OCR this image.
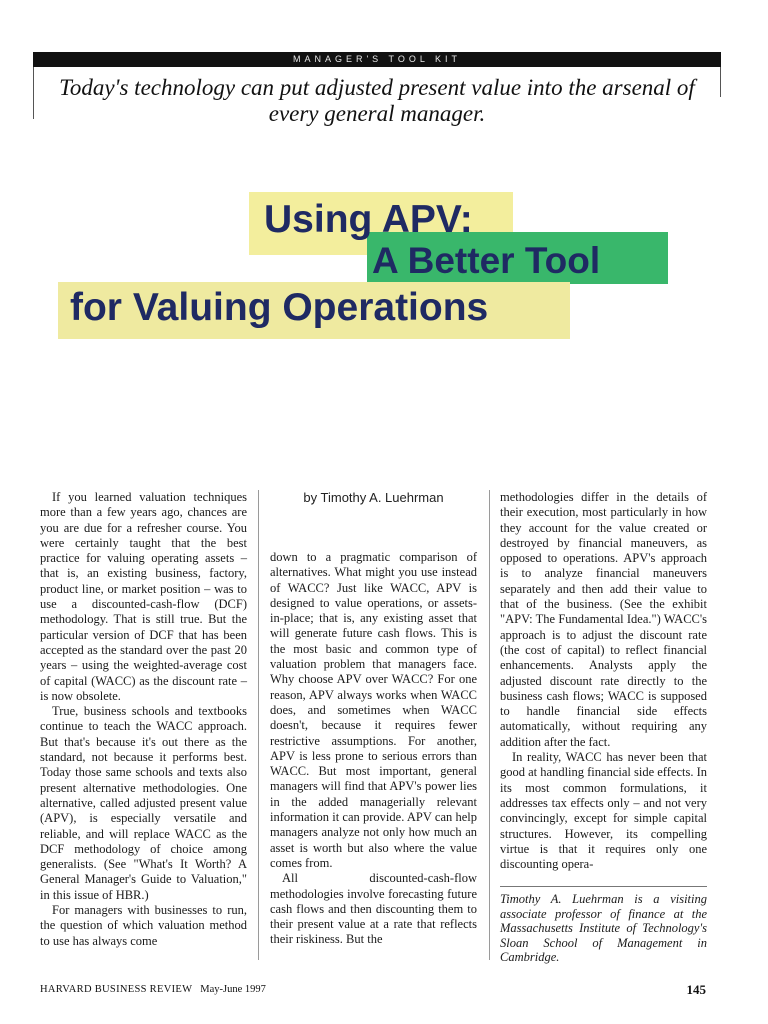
MANAGER'S TOOL KIT
Today's technology can put adjusted present value into the arsenal of every general manager.
Using APV:
A Better Tool
for Valuing Operations

If you learned valuation techniques more than a few years ago, chances are you are due for a refresher course. You were certainly taught that the best practice for valuing operating assets – that is, an existing business, factory, product line, or market position – was to use a discounted-cash-flow (DCF) methodology. That is still true. But the particular version of DCF that has been accepted as the standard over the past 20 years – using the weighted-average cost of capital (WACC) as the discount rate – is now obsolete.

True, business schools and textbooks continue to teach the WACC approach. But that's because it's out there as the standard, not because it performs best. Today those same schools and texts also present alternative methodologies. One alternative, called adjusted present value (APV), is especially versatile and reliable, and will replace WACC as the DCF methodology of choice among generalists. (See "What's It Worth? A General Manager's Guide to Valuation," in this issue of HBR.)

For managers with businesses to run, the question of which valuation method to use has always come

by Timothy A. Luehrman

down to a pragmatic comparison of alternatives. What might you use instead of WACC? Just like WACC, APV is designed to value operations, or assets-in-place; that is, any existing asset that will generate future cash flows. This is the most basic and common type of valuation problem that managers face. Why choose APV over WACC? For one reason, APV always works when WACC does, and sometimes when WACC doesn't, because it requires fewer restrictive assumptions. For another, APV is less prone to serious errors than WACC. But most important, general managers will find that APV's power lies in the added managerially relevant information it can provide. APV can help managers analyze not only how much an asset is worth but also where the value comes from.

All discounted-cash-flow methodologies involve forecasting future cash flows and then discounting them to their present value at a rate that reflects their riskiness. But the

methodologies differ in the details of their execution, most particularly in how they account for the value created or destroyed by financial maneuvers, as opposed to operations. APV's approach is to analyze financial maneuvers separately and then add their value to that of the business. (See the exhibit "APV: The Fundamental Idea.") WACC's approach is to adjust the discount rate (the cost of capital) to reflect financial enhancements. Analysts apply the adjusted discount rate directly to the business cash flows; WACC is supposed to handle financial side effects automatically, without requiring any addition after the fact.

In reality, WACC has never been that good at handling financial side effects. In its most common formulations, it addresses tax effects only – and not very convincingly, except for simple capital structures. However, its compelling virtue is that it requires only one discounting opera-

Timothy A. Luehrman is a visiting associate professor of finance at the Massachusetts Institute of Technology's Sloan School of Management in Cambridge.
HARVARD BUSINESS REVIEW May-June 1997	145
